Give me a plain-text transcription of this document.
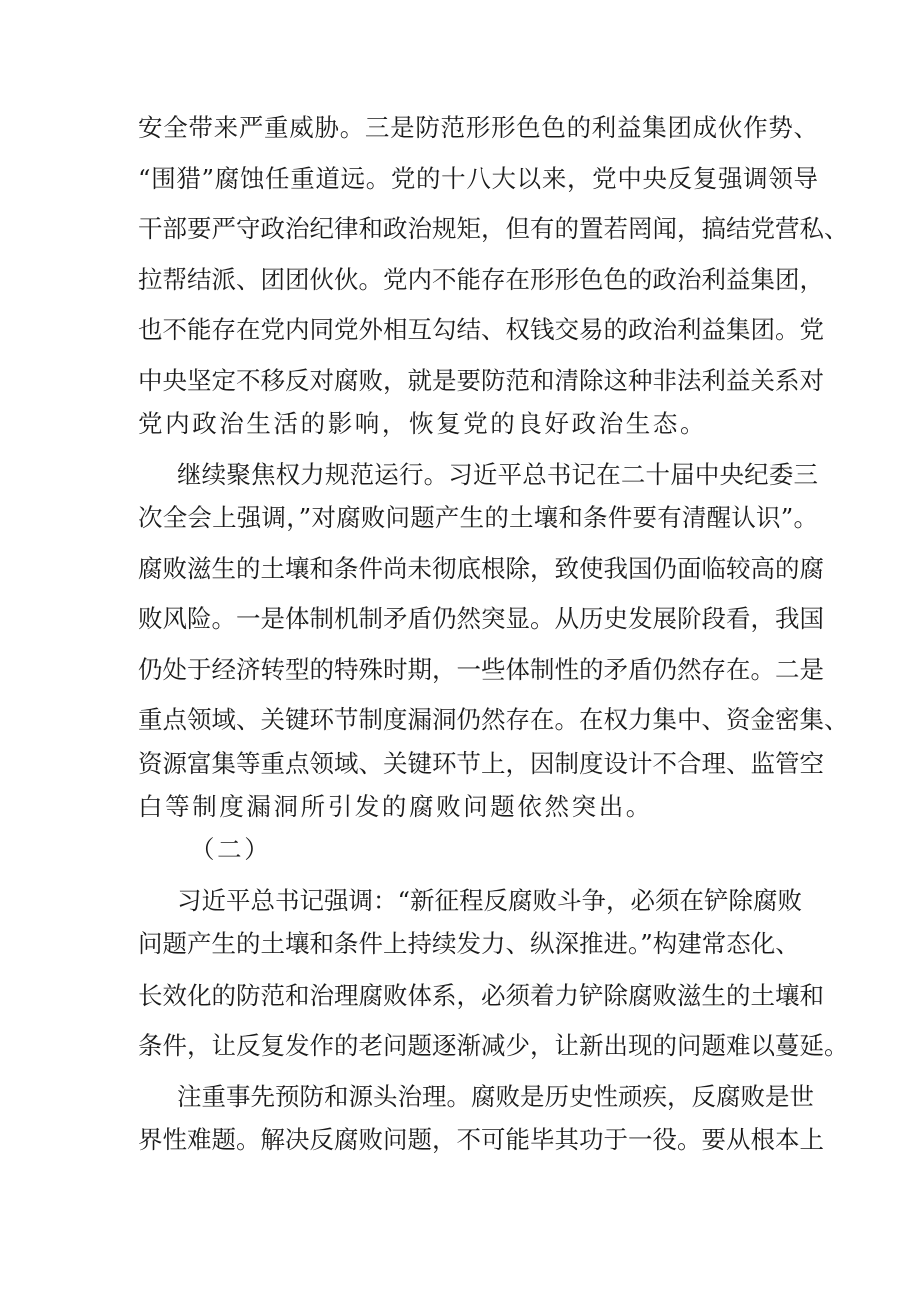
安全带来严重威胁。三是防范形形色色的利益集团成伙作势、
“围猎”腐蚀任重道远。党的十八大以来，党中央反复强调领导
干部要严守政治纪律和政治规矩，但有的置若罔闻，搞结党营私、
拉帮结派、团团伙伙。党内不能存在形形色色的政治利益集团，
也不能存在党内同党外相互勾结、权钱交易的政治利益集团。党
中央坚定不移反对腐败，就是要防范和清除这种非法利益关系对
党内政治生活的影响，恢复党的良好政治生态。
继续聚焦权力规范运行。习近平总书记在二十届中央纪委三
次全会上强调，”对腐败问题产生的土壤和条件要有清醒认识”。
腐败滋生的土壤和条件尚未彻底根除，致使我国仍面临较高的腐
败风险。一是体制机制矛盾仍然突显。从历史发展阶段看，我国
仍处于经济转型的特殊时期，一些体制性的矛盾仍然存在。二是
重点领域、关键环节制度漏洞仍然存在。在权力集中、资金密集、
资源富集等重点领域、关键环节上，因制度设计不合理、监管空
白等制度漏洞所引发的腐败问题依然突出。
（二）
习近平总书记强调：“新征程反腐败斗争，必须在铲除腐败
问题产生的土壤和条件上持续发力、纵深推进。”构建常态化、
长效化的防范和治理腐败体系，必须着力铲除腐败滋生的土壤和
条件，让反复发作的老问题逐渐减少，让新出现的问题难以蔓延。
注重事先预防和源头治理。腐败是历史性顽疾，反腐败是世
界性难题。解决反腐败问题，不可能毕其功于一役。要从根本上
